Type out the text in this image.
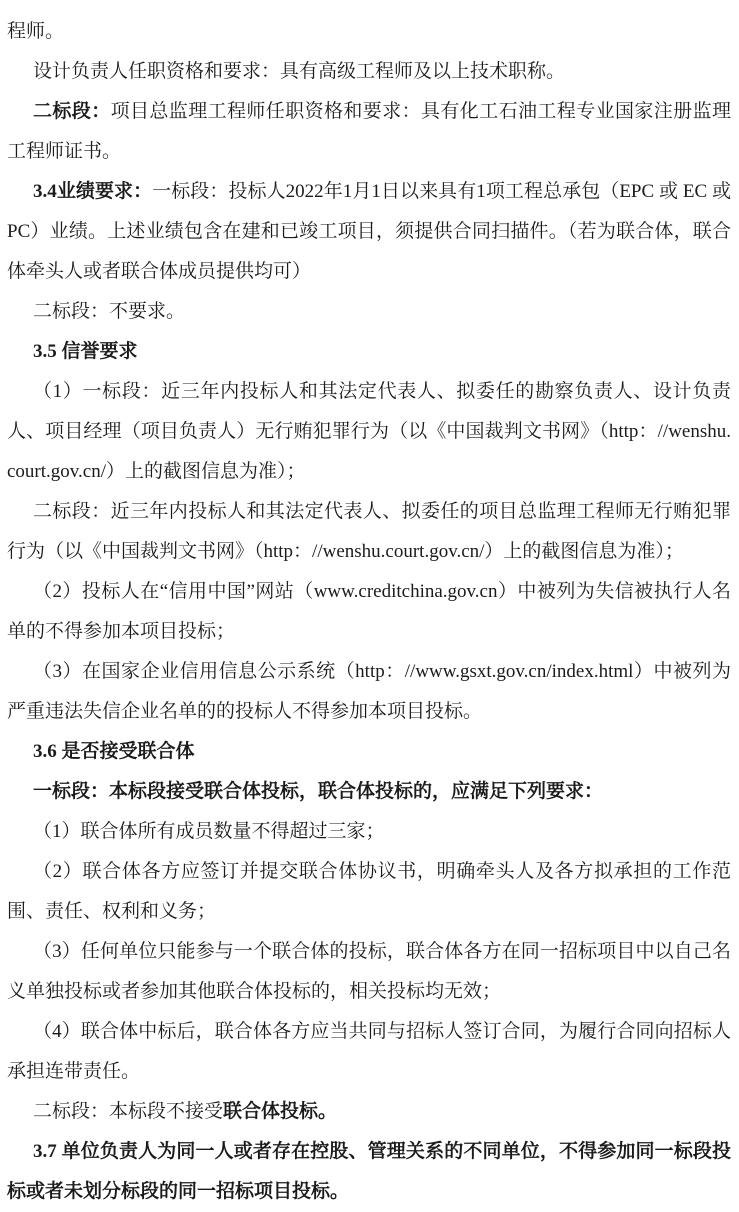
程师。

设计负责人任职资格和要求：具有高级工程师及以上技术职称。

二标段：项目总监理工程师任职资格和要求：具有化工石油工程专业国家注册监理工程师证书。

3.4业绩要求：一标段：投标人2022年1月1日以来具有1项工程总承包（EPC 或 EC 或 PC）业绩。上述业绩包含在建和已竣工项目，须提供合同扫描件。（若为联合体，联合体牵头人或者联合体成员提供均可）

二标段：不要求。

3.5 信誉要求

（1）一标段：近三年内投标人和其法定代表人、拟委任的勘察负责人、设计负责人、项目经理（项目负责人）无行贿犯罪行为（以《中国裁判文书网》（http：//wenshu.court.gov.cn/）上的截图信息为准）；

二标段：近三年内投标人和其法定代表人、拟委任的项目总监理工程师无行贿犯罪行为（以《中国裁判文书网》（http：//wenshu.court.gov.cn/）上的截图信息为准）；

（2）投标人在“信用中国”网站（www.creditchina.gov.cn）中被列为失信被执行人名单的不得参加本项目投标；

（3）在国家企业信用信息公示系统（http：//www.gsxt.gov.cn/index.html）中被列为严重违法失信企业名单的的投标人不得参加本项目投标。

3.6 是否接受联合体

一标段：本标段接受联合体投标，联合体投标的，应满足下列要求：

（1）联合体所有成员数量不得超过三家；

（2）联合体各方应签订并提交联合体协议书，明确牵头人及各方拟承担的工作范围、责任、权利和义务；

（3）任何单位只能参与一个联合体的投标，联合体各方在同一招标项目中以自己名义单独投标或者参加其他联合体投标的，相关投标均无效；

（4）联合体中标后，联合体各方应当共同与招标人签订合同，为履行合同向招标人承担连带责任。

二标段：本标段不接受联合体投标。

3.7 单位负责人为同一人或者存在控股、管理关系的不同单位，不得参加同一标段投标或者未划分标段的同一招标项目投标。
